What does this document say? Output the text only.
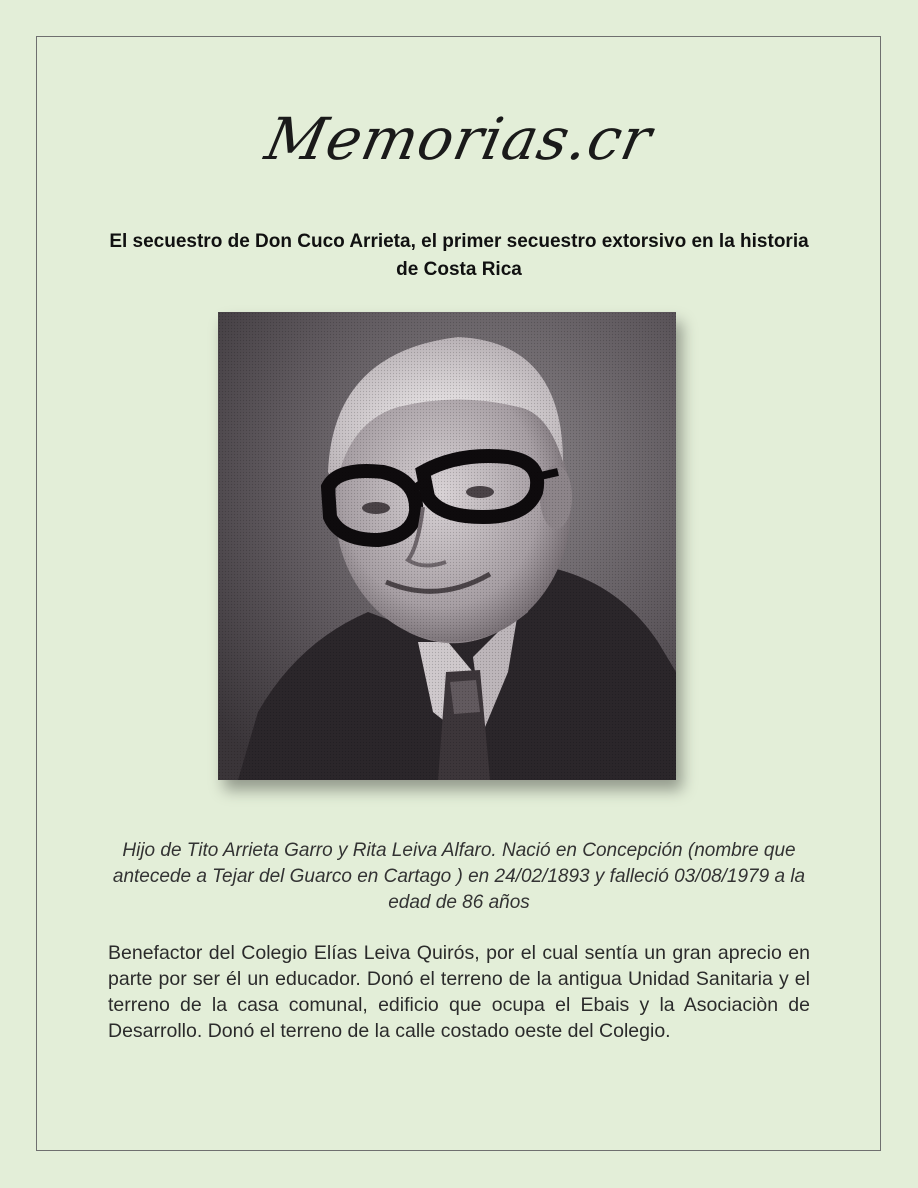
Memorias.cr
El secuestro de Don Cuco Arrieta, el primer secuestro extorsivo en la historia de Costa Rica
Hijo de Tito Arrieta Garro y Rita Leiva Alfaro. Nació en Concepción (nombre que antecede a Tejar del Guarco en Cartago ) en 24/02/1893 y falleció 03/08/1979 a la edad de 86 años
Benefactor del Colegio Elías Leiva Quirós, por el cual sentía un gran aprecio en parte por ser él un educador. Donó el terreno de la antigua Unidad Sanitaria y el terreno de la casa comunal, edificio que ocupa el Ebais y la Asociaciòn de Desarrollo. Donó el terreno de la calle costado oeste del Colegio.
